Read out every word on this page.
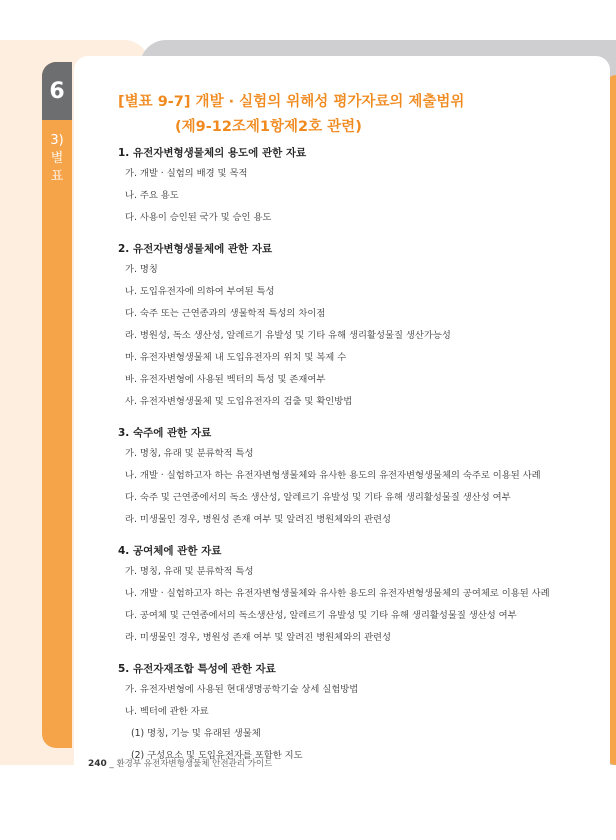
6
3)
별
표
[별표 9-7] 개발 · 실험의 위해성 평가자료의 제출범위
(제9-12조제1항제2호 관련)
1. 유전자변형생물체의 용도에 관한 자료
가. 개발 · 실험의 배경 및 목적
나. 주요 용도
다. 사용이 승인된 국가 및 승인 용도
2. 유전자변형생물체에 관한 자료
가. 명칭
나. 도입유전자에 의하여 부여된 특성
다. 숙주 또는 근연종과의 생물학적 특성의 차이점
라. 병원성, 독소 생산성, 알레르기 유발성 및 기타 유해 생리활성물질 생산가능성
마. 유전자변형생물체 내 도입유전자의 위치 및 복제 수
바. 유전자변형에 사용된 벡터의 특성 및 존재여부
사. 유전자변형생물체 및 도입유전자의 검출 및 확인방법
3. 숙주에 관한 자료
가. 명칭, 유래 및 분류학적 특성
나. 개발 · 실험하고자 하는 유전자변형생물체와 유사한 용도의 유전자변형생물체의 숙주로 이용된 사례
다. 숙주 및 근연종에서의 독소 생산성, 알레르기 유발성 및 기타 유해 생리활성물질 생산성 여부
라. 미생물인 경우, 병원성 존재 여부 및 알려진 병원체와의 관련성
4. 공여체에 관한 자료
가. 명칭, 유래 및 분류학적 특성
나. 개발 · 실험하고자 하는 유전자변형생물체와 유사한 용도의 유전자변형생물체의 공여체로 이용된 사례
다. 공여체 및 근연종에서의 독소생산성, 알레르기 유발성 및 기타 유해 생리활성물질 생산성 여부
라. 미생물인 경우, 병원성 존재 여부 및 알려진 병원체와의 관련성
5. 유전자재조합 특성에 관한 자료
가. 유전자변형에 사용된 현대생명공학기술 상세 실험방법
나. 벡터에 관한 자료
(1) 명칭, 기능 및 유래된 생물체
(2) 구성요소 및 도입유전자를 포함한 지도
240 _ 환경부 유전자변형생물체 안전관리 가이드
